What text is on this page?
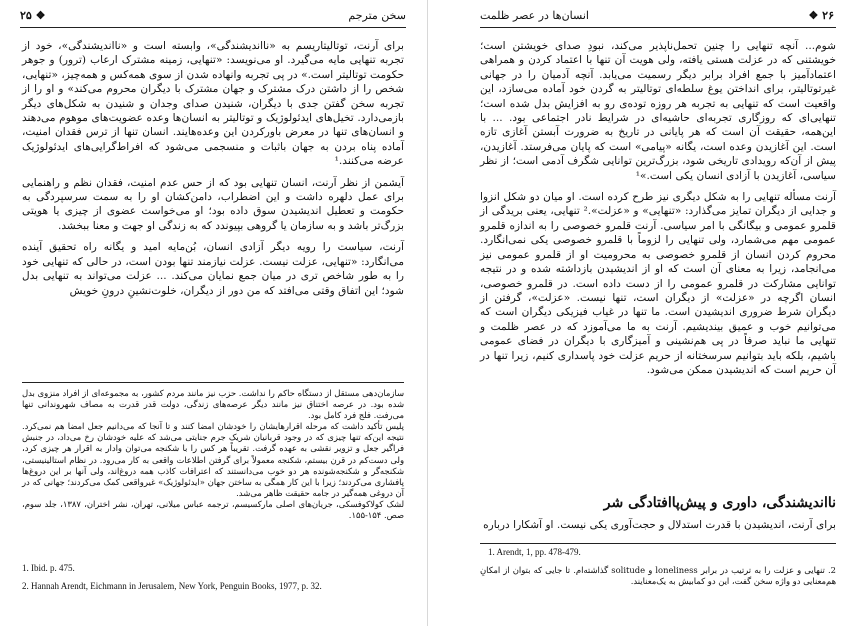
۲۵ ❖	سخن مترجم

برای آرنت، توتالیتاریسم به «ناانديشندگی»، وابسته است و «ناانديشندگی»، خود از تجربه تنهایی مایه می‌گیرد. او می‌نویسد: «تنهایی، زمینه مشترک ارعاب (ترور) و جوهر حکومت توتالیتر است.» در پی تجربه وانهاده شدن از سوی همه‌کس و همه‌چیز، «تنهایی، شخص را از داشتن درک مشترک و جهان مشترک با دیگران محروم می‌کند» و او را از تجربه سخن گفتن جدی با دیگران، شنیدن صدای وجدان و شنیدن به شکل‌های دیگر بازمی‌دارد. تخیل‌های ایدئولوژیک و توتالیتر به انسان‌ها وعده عضویت‌های موهوم می‌دهند و انسان‌های تنها در معرض باورکردن این وعده‌هایند. انسان تنها از ترس فقدان امنیت، آماده پناه بردن به جهان باثبات و منسجمی می‌شود که افراط‌گرایی‌های ایدئولوژیک عرضه می‌کنند.¹

آیشمن از نظر آرنت، انسان تنهایی بود که از حس عدم امنیت، فقدان نظم و راهنمایی برای عمل دلهره داشت و این اضطراب، دامن‌کشان او را به سمت سرسپردگی به حکومت و تعطیل اندیشیدن سوق داده بود؛ او می‌خواست عضوی از چیزی یا هویتی بزرگ‌تر باشد و به سازمان یا گروهی بپیوندد که به زندگی او جهت و معنا ببخشد.

آرنت، سیاست را رویه دیگر آزادی انسان، بُن‌مایه امید و یگانه راه تحقیق آینده می‌انگارد: «تنهایی، عزلت نیست. عزلت نیازمند تنها بودن است، در حالی که تنهایی خود را به طور شاخص تری در میان جمع نمایان می‌کند. ... عزلت می‌تواند به تنهایی بدل شود؛ این اتفاق وقتی می‌افتد که من دور از دیگران، خلوت‌نشینِ درونِ خویش

سازمان‌دهی مستقل از دستگاه حاکم را نداشت. حزب نیز مانند مردم کشور، به مجموعه‌ای از افراد منزوی بدل شده بود. در عرصه اختناق نیز مانند دیگر عرصه‌های زندگی، دولت قدر قدرت به مصاف شهروندانی تنها می‌رفت. فلج فرد کامل بود.

پلیس تأکید داشت که مرحله اقرارهایشان را خودشان امضا کنند و تا آنجا که می‌دانیم جعل امضا هم نمی‌کرد. نتیجه این‌که تنها چیزی که در وجود قربانیان شریک جرم جنایتی می‌شد که علیه خودشان رخ می‌داد، در جنبش فراگیر جعل و تزویر نقشی به عهده گرفت. تقریباً هر کس را با شکنجه می‌توان وادار به اقرار هر چیزی کرد، ولی دست‌کم در قرن بیستم، شکنجه معمولاً برای گرفتن اطلاعات واقعی به کار می‌رود. در نظام استالینیستی، شکنجه‌گر و شکنجه‌شونده هر دو خوب می‌دانستند که اعترافات کاذب همه دروغ‌اند، ولی آنها بر این دروغ‌ها پافشاری می‌کردند؛ زیرا با این کار همگی به ساختن جهان «ایدئولوژیک» غیرواقعی کمک می‌کردند؛ جهانی که در آن دروغی همه‌گیر در جامه حقیقت ظاهر می‌شد.

لشک کولاکوفسکی، جریان‌های اصلی مارکسیسم، ترجمه عباس میلانی، تهران، نشر اختران، ۱۳۸۷، جلد سوم، صص. ۱۵۴-۱۵۵.

1. Ibid. p. 475.

2. Hannah Arendt, Eichmann in Jerusalem, New York, Penguin Books, 1977, p. 32.

انسان‌ها در عصر ظلمت	❖ ۲۶

شوم... آنچه تنهایی را چنین تحمل‌ناپذیر می‌کند، نبودِ صدای خویشتن است؛ خویشتنی که در عزلت هستی یافته، ولی هویت آن تنها با اعتماد کردن و همراهی اعتمادآمیز با جمع افراد برابر دیگر رسمیت می‌یابد. آنچه آدمیان را در جهانی غیرتوتالیتر، برای انداختن یوغ سلطه‌ای توتالیتر به گردن خود آماده می‌سازد، این واقعیت است که تنهایی به تجربه هر روزه توده‌ی رو به افزایش بدل شده است؛ تنهایی‌ای که روزگاری تجربه‌ای حاشیه‌ای در شرایط نادر اجتماعی بود. ... با این‌همه، حقیقت آن است که هر پایانی در تاریخ به ضرورت آبستن آغازی تازه است. این آغازیدن وعده است، یگانه «پیامی» است که پایان می‌فرستد. آغازیدن، پیش از آن‌که رویدادی تاریخی شود، بزرگ‌ترین توانایی شگرف آدمی است؛ از نظر سیاسی، آغازیدن با آزادی انسان یکی است.»¹

آرنت مسأله تنهایی را به شکل دیگری نیز طرح کرده است. او میان دو شکل انزوا و جدایی از دیگران تمایز می‌گذارد: «تنهایی» و «عزلت».² تنهایی، یعنی بریدگی از قلمرو عمومی و بیگانگی با امر سیاسی. آرنت قلمرو خصوصی را به اندازه قلمرو عمومی مهم می‌شمارد، ولی تنهایی را لزوماً با قلمرو خصوصی یکی نمی‌انگارد. محروم کردن انسان از قلمرو خصوصی به محرومیت او از قلمرو عمومی نیز می‌انجامد، زیرا به معنای آن است که او از اندیشیدن بازداشته شده و در نتیجه توانایی مشارکت در قلمرو عمومی را از دست داده است. در قلمرو خصوصی، انسان اگرچه در «عزلت» از دیگران است، تنها نیست. «عزلت»، گرفتن از دیگران شرط ضروری اندیشیدن است. ما تنها در غیاب فیزیکی دیگران است که می‌توانیم خوب و عمیق بیندیشیم. آرنت به ما می‌آموزد که در عصر ظلمت و تنهایی ما نباید صرفاً در پی هم‌نشینی و آمیزگاری با دیگران در فضای عمومی باشیم، بلکه باید بتوانیم سرسختانه از حریم عزلت خود پاسداری کنیم، زیرا تنها در آن حریم است که اندیشیدن ممکن می‌شود.

ناانديشندگی، داوری و پیش‌پاافتادگی شر

برای آرنت، اندیشیدن با قدرت استدلال و حجت‌آوری یکی نیست. او آشکارا درباره

1. Arendt, 1, pp. 478-479.

2. تنهایی و عزلت را به ترتیب در برابر loneliness و solitude گذاشته‌ام. تا جایی که بتوان از امکانِ هم‌معنایی دو واژه سخن گفت، این دو کمابیش به یک‌معنایند.
